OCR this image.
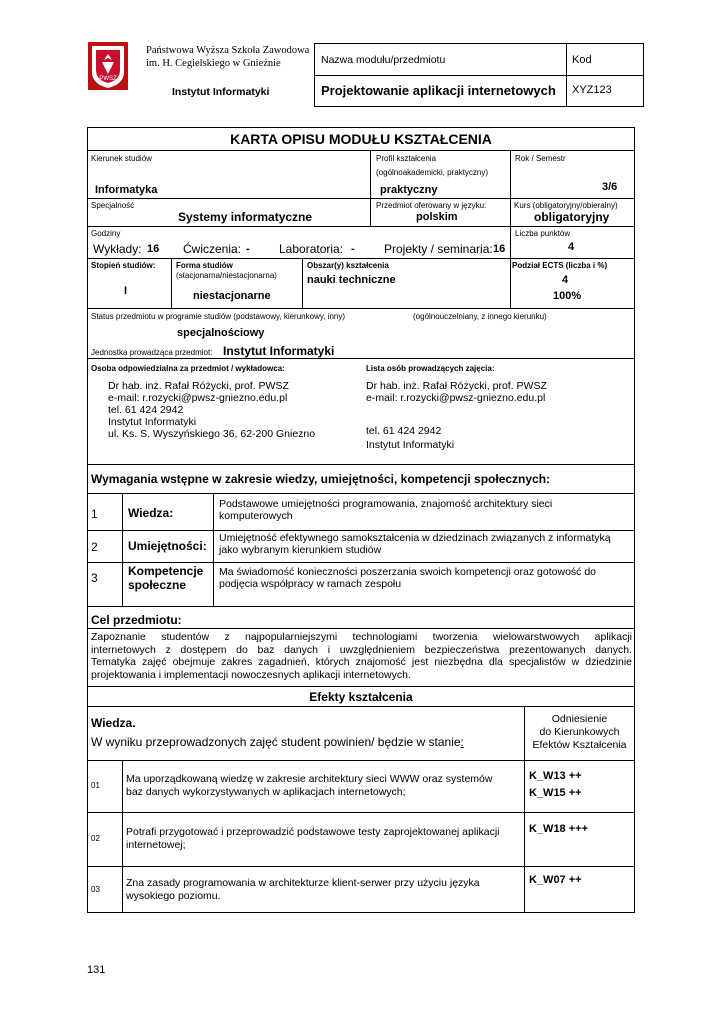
PWSZ
Państwowa Wyższa Szkoła Zawodowa
im. H. Cegielskiego w Gnieźnie
Instytut Informatyki
Nazwa modułu/przedmiotu	Kod
Projektowanie aplikacji internetowych XYZ123
KARTA OPISU MODUŁU KSZTAŁCENIA
Kierunek studiów
Informatyka
Profil kształcenia
(ogólnoakademicki, praktyczny)
praktyczny
Rok / Semestr
3/6
Specjalność
Systemy informatyczne
Przedmiot oferowany w języku:
polskim
Kurs (obligatoryjny/obieralny)
obligatoryjny
Godziny
Wykłady: 16 Ćwiczenia: - Laboratoria: - Projekty / seminaria: 16
Liczba punktów
4
Stopień studiów:
I
Forma studiów
(stacjonarna/niestacjonarna)
niestacjonarne
Obszar(y) kształcenia
nauki techniczne
Podział ECTS (liczba i %)
4
100%
Status przedmiotu w programie studiów (podstawowy, kierunkowy, inny)	(ogólnouczelniany, z innego kierunku)
specjalnościowy
Jednostka prowadząca przedmiot: Instytut Informatyki
Osoba odpowiedzialna za przedmiot / wykładowca:
Dr hab. inż. Rafał Różycki, prof. PWSZ
e-mail: r.rozycki@pwsz-gniezno.edu.pl
tel. 61 424 2942
Instytut Informatyki
ul. Ks. S. Wyszyńskiego 36, 62-200 Gniezno
Lista osób prowadzących zajęcia:
Dr hab. inż. Rafał Różycki, prof. PWSZ
e-mail: r.rozycki@pwsz-gniezno.edu.pl
tel. 61 424 2942
Instytut Informatyki
Wymagania wstępne w zakresie wiedzy, umiejętności, kompetencji społecznych:
1	Wiedza:
Podstawowe umiejętności programowania, znajomość architektury sieci
komputerowych
2	Umiejętności:
Umiejętność efektywnego samokształcenia w dziedzinach związanych z informatyką
jako wybranym kierunkiem studiów
3	Kompetencje
społeczne
Ma świadomość konieczności poszerzania swoich kompetencji oraz gotowość do
podjęcia współpracy w ramach zespołu
Cel przedmiotu:
Zapoznanie studentów z najpopularniejszymi technologiami tworzenia wielowarstwowych aplikacji
internetowych z dostępem do baz danych i uwzględnieniem bezpieczeństwa prezentowanych danych.
Tematyka zajęć obejmuje zakres zagadnień, których znajomość jest niezbędna dla specjalistów w dziedzinie
projektowania i implementacji nowoczesnych aplikacji internetowych.
Efekty kształcenia
Wiedza.
W wyniku przeprowadzonych zajęć student powinien/ będzie w stanie:
Odniesienie
do Kierunkowych
Efektów Kształcenia
01
Ma uporządkowaną wiedzę w zakresie architektury sieci WWW oraz systemów
baz danych wykorzystywanych w aplikacjach internetowych;
K_W13 ++
K_W15 ++
02
Potrafi przygotować i przeprowadzić podstawowe testy zaprojektowanej aplikacji
internetowej;
K_W18 +++
03
Zna zasady programowania w architekturze klient-serwer przy użyciu języka
wysokiego poziomu.
K_W07 ++
131
